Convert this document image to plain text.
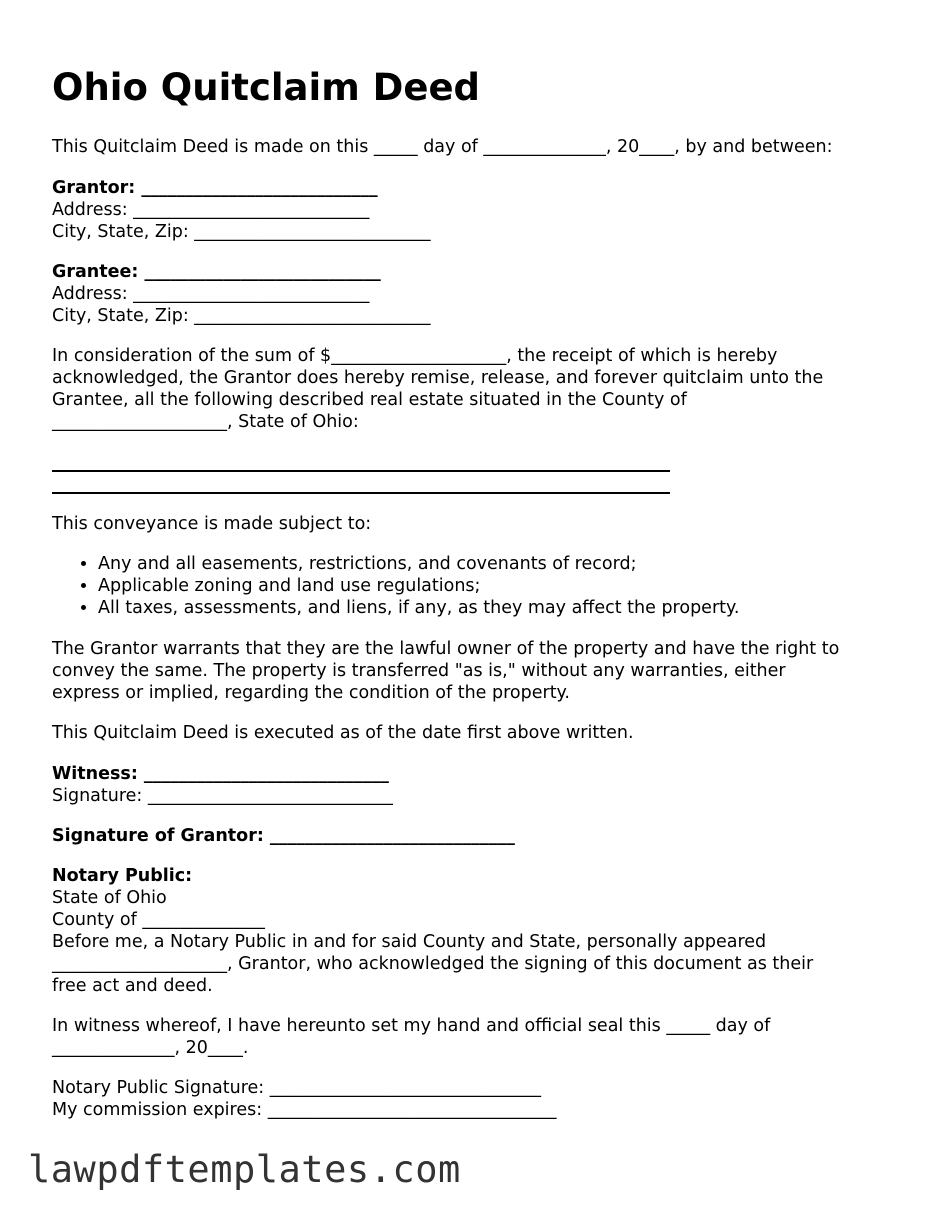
Ohio Quitclaim Deed
This Quitclaim Deed is made on this _____ day of ______________, 20____, by and between:
Grantor: ___________________________
Address: ___________________________
City, State, Zip: ___________________________
Grantee: ___________________________
Address: ___________________________
City, State, Zip: ___________________________
In consideration of the sum of $____________________, the receipt of which is hereby
acknowledged, the Grantor does hereby remise, release, and forever quitclaim unto the
Grantee, all the following described real estate situated in the County of
____________________, State of Ohio:
This conveyance is made subject to:
• Any and all easements, restrictions, and covenants of record;
• Applicable zoning and land use regulations;
• All taxes, assessments, and liens, if any, as they may affect the property.
The Grantor warrants that they are the lawful owner of the property and have the right to
convey the same. The property is transferred "as is," without any warranties, either
express or implied, regarding the condition of the property.
This Quitclaim Deed is executed as of the date first above written.
Witness: ____________________________
Signature: ____________________________
Signature of Grantor: ____________________________
Notary Public:
State of Ohio
County of ______________
Before me, a Notary Public in and for said County and State, personally appeared
____________________, Grantor, who acknowledged the signing of this document as their
free act and deed.
In witness whereof, I have hereunto set my hand and official seal this _____ day of
______________, 20____.
Notary Public Signature: _______________________________
My commission expires: _________________________________
lawpdftemplates.com
